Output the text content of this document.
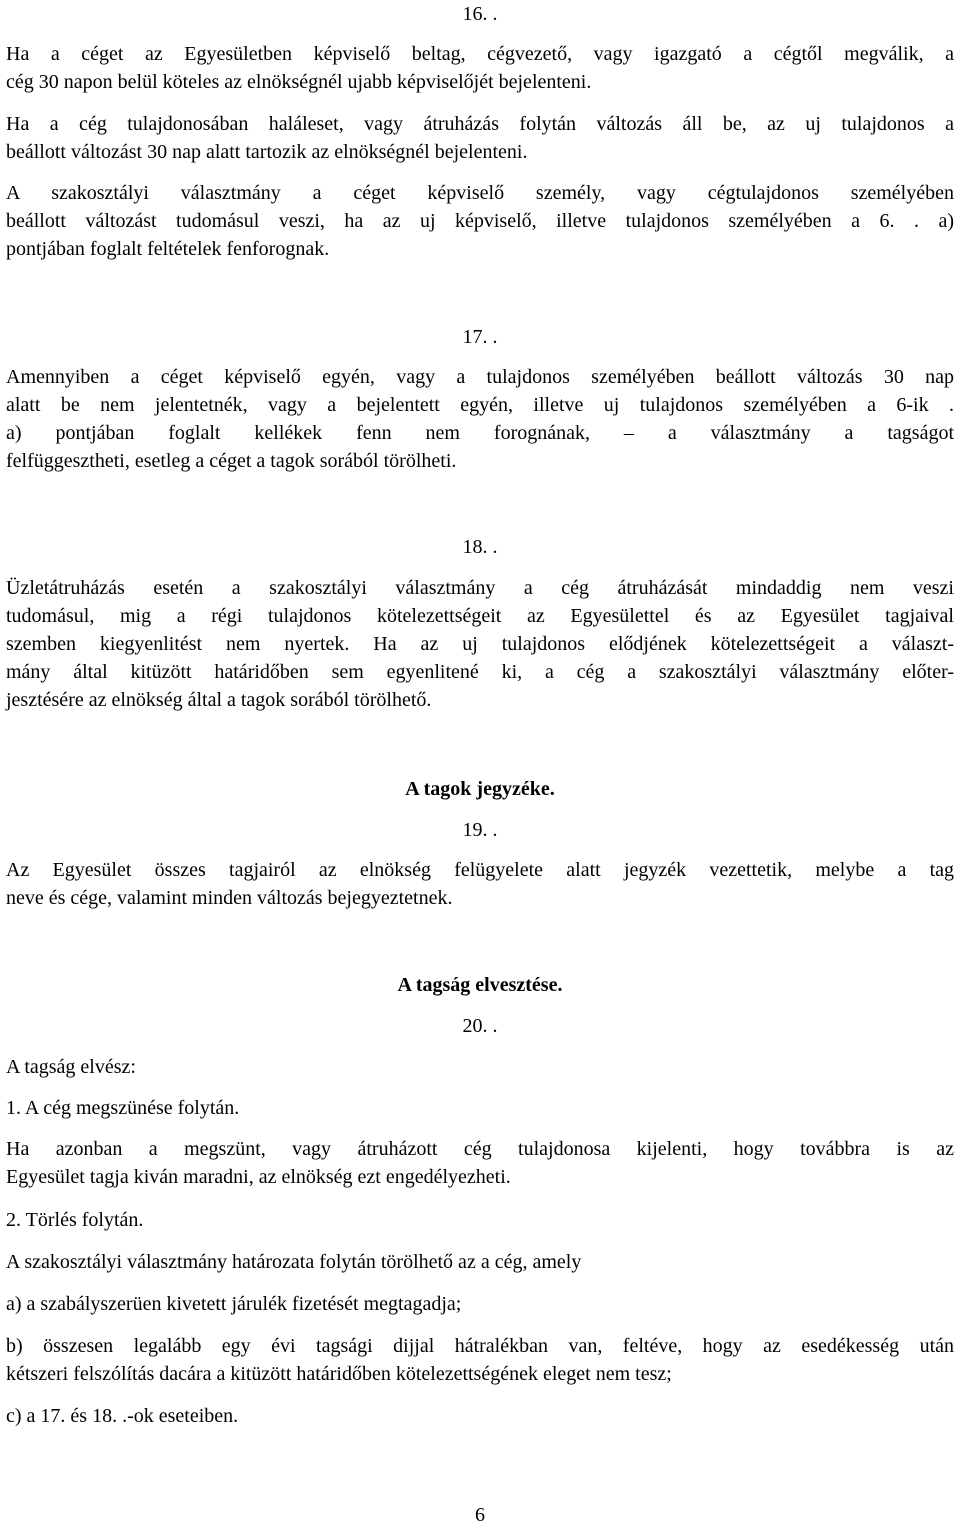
16. .

Ha a céget az Egyesületben képviselő beltag, cégvezető, vagy igazgató a cégtől megválik, a
cég 30 napon belül köteles az elnökségnél ujabb képviselőjét bejelenteni.
Ha a cég tulajdonosában haláleset, vagy átruházás folytán változás áll be, az uj tulajdonos a
beállott változást 30 nap alatt tartozik az elnökségnél bejelenteni.
A szakosztályi választmány a céget képviselő személy, vagy cégtulajdonos személyében
beállott változást tudomásul veszi, ha az uj képviselő, illetve tulajdonos személyében a 6. . a)
pontjában foglalt feltételek fenforognak.

17. .

Amennyiben a céget képviselő egyén, vagy a tulajdonos személyében beállott változás 30 nap
alatt be nem jelentetnék, vagy a bejelentett egyén, illetve uj tulajdonos személyében a 6-ik .
a) pontjában foglalt kellékek fenn nem forognának, – a választmány a tagságot
felfüggesztheti, esetleg a céget a tagok sorából törölheti.

18. .

Üzletátruházás esetén a szakosztályi választmány a cég átruházását mindaddig nem veszi
tudomásul, mig a régi tulajdonos kötelezettségeit az Egyesülettel és az Egyesület tagjaival
szemben kiegyenlitést nem nyertek. Ha az uj tulajdonos elődjének kötelezettségeit a választ-
mány által kitüzött határidőben sem egyenlitené ki, a cég a szakosztályi választmány előter-
jesztésére az elnökség által a tagok sorából törölhető.

A tagok jegyzéke.

19. .

Az Egyesület összes tagjairól az elnökség felügyelete alatt jegyzék vezettetik, melybe a tag
neve és cége, valamint minden változás bejegyeztetnek.

A tagság elvesztése.

20. .

A tagság elvész:

1. A cég megszünése folytán.

Ha azonban a megszünt, vagy átruházott cég tulajdonosa kijelenti, hogy továbbra is az
Egyesület tagja kiván maradni, az elnökség ezt engedélyezheti.

2. Törlés folytán.

A szakosztályi választmány határozata folytán törölhető az a cég, amely

a) a szabályszerüen kivetett járulék fizetését megtagadja;

b) összesen legalább egy évi tagsági dijjal hátralékban van, feltéve, hogy az esedékesség után
kétszeri felszólítás dacára a kitüzött határidőben kötelezettségének eleget nem tesz;

c) a 17. és 18. .-ok eseteiben.

6
